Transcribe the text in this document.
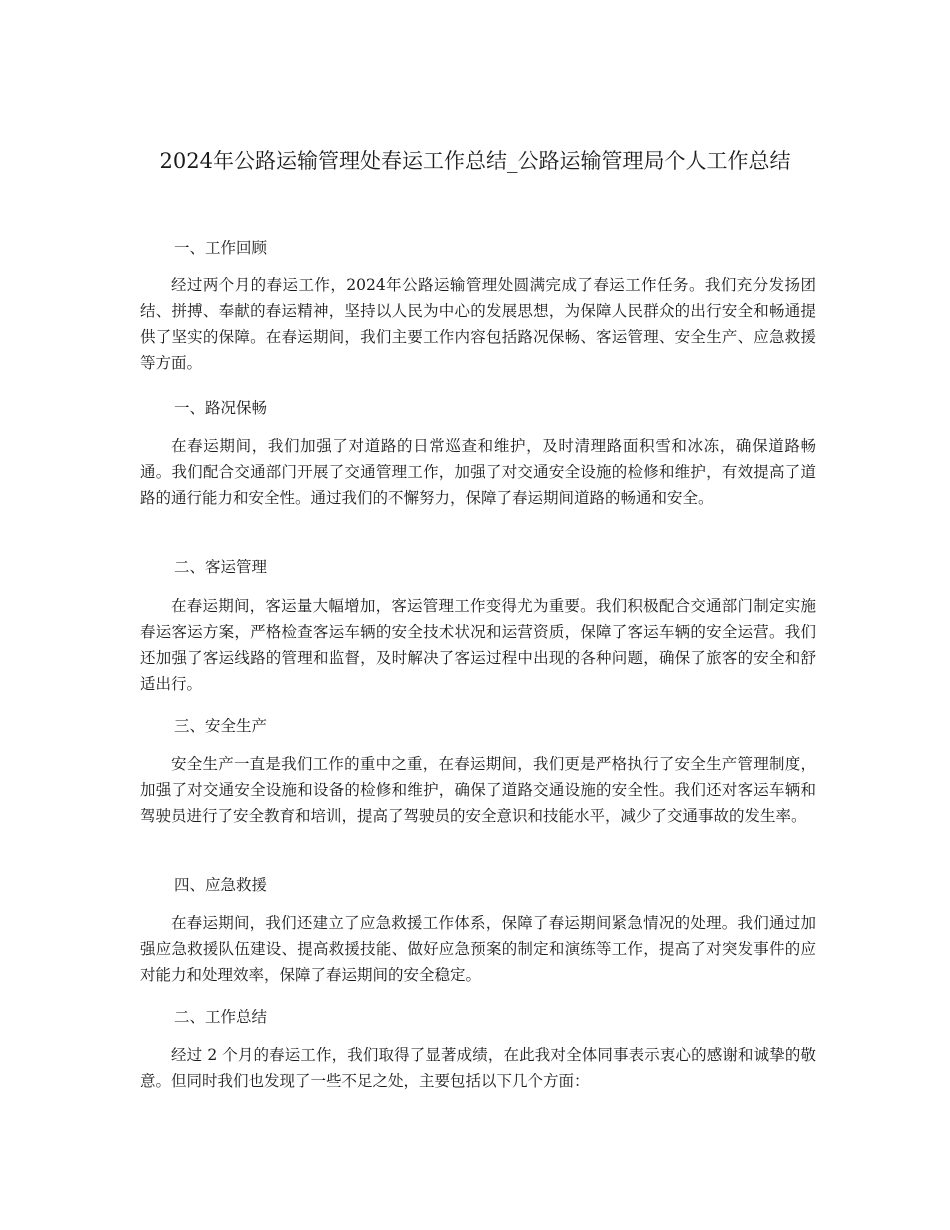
2024年公路运输管理处春运工作总结_公路运输管理局个人工作总结
一、工作回顾

经过两个月的春运工作，2024年公路运输管理处圆满完成了春运工作任务。我们充分发扬团结、拼搏、奉献的春运精神，坚持以人民为中心的发展思想，为保障人民群众的出行安全和畅通提供了坚实的保障。在春运期间，我们主要工作内容包括路况保畅、客运管理、安全生产、应急救援等方面。

一、路况保畅

在春运期间，我们加强了对道路的日常巡查和维护，及时清理路面积雪和冰冻，确保道路畅通。我们配合交通部门开展了交通管理工作，加强了对交通安全设施的检修和维护，有效提高了道路的通行能力和安全性。通过我们的不懈努力，保障了春运期间道路的畅通和安全。

二、客运管理

在春运期间，客运量大幅增加，客运管理工作变得尤为重要。我们积极配合交通部门制定实施春运客运方案，严格检查客运车辆的安全技术状况和运营资质，保障了客运车辆的安全运营。我们还加强了客运线路的管理和监督，及时解决了客运过程中出现的各种问题，确保了旅客的安全和舒适出行。

三、安全生产

安全生产一直是我们工作的重中之重，在春运期间，我们更是严格执行了安全生产管理制度，加强了对交通安全设施和设备的检修和维护，确保了道路交通设施的安全性。我们还对客运车辆和驾驶员进行了安全教育和培训，提高了驾驶员的安全意识和技能水平，减少了交通事故的发生率。

四、应急救援

在春运期间，我们还建立了应急救援工作体系，保障了春运期间紧急情况的处理。我们通过加强应急救援队伍建设、提高救援技能、做好应急预案的制定和演练等工作，提高了对突发事件的应对能力和处理效率，保障了春运期间的安全稳定。

二、工作总结

经过 2 个月的春运工作，我们取得了显著成绩，在此我对全体同事表示衷心的感谢和诚挚的敬意。但同时我们也发现了一些不足之处，主要包括以下几个方面：
